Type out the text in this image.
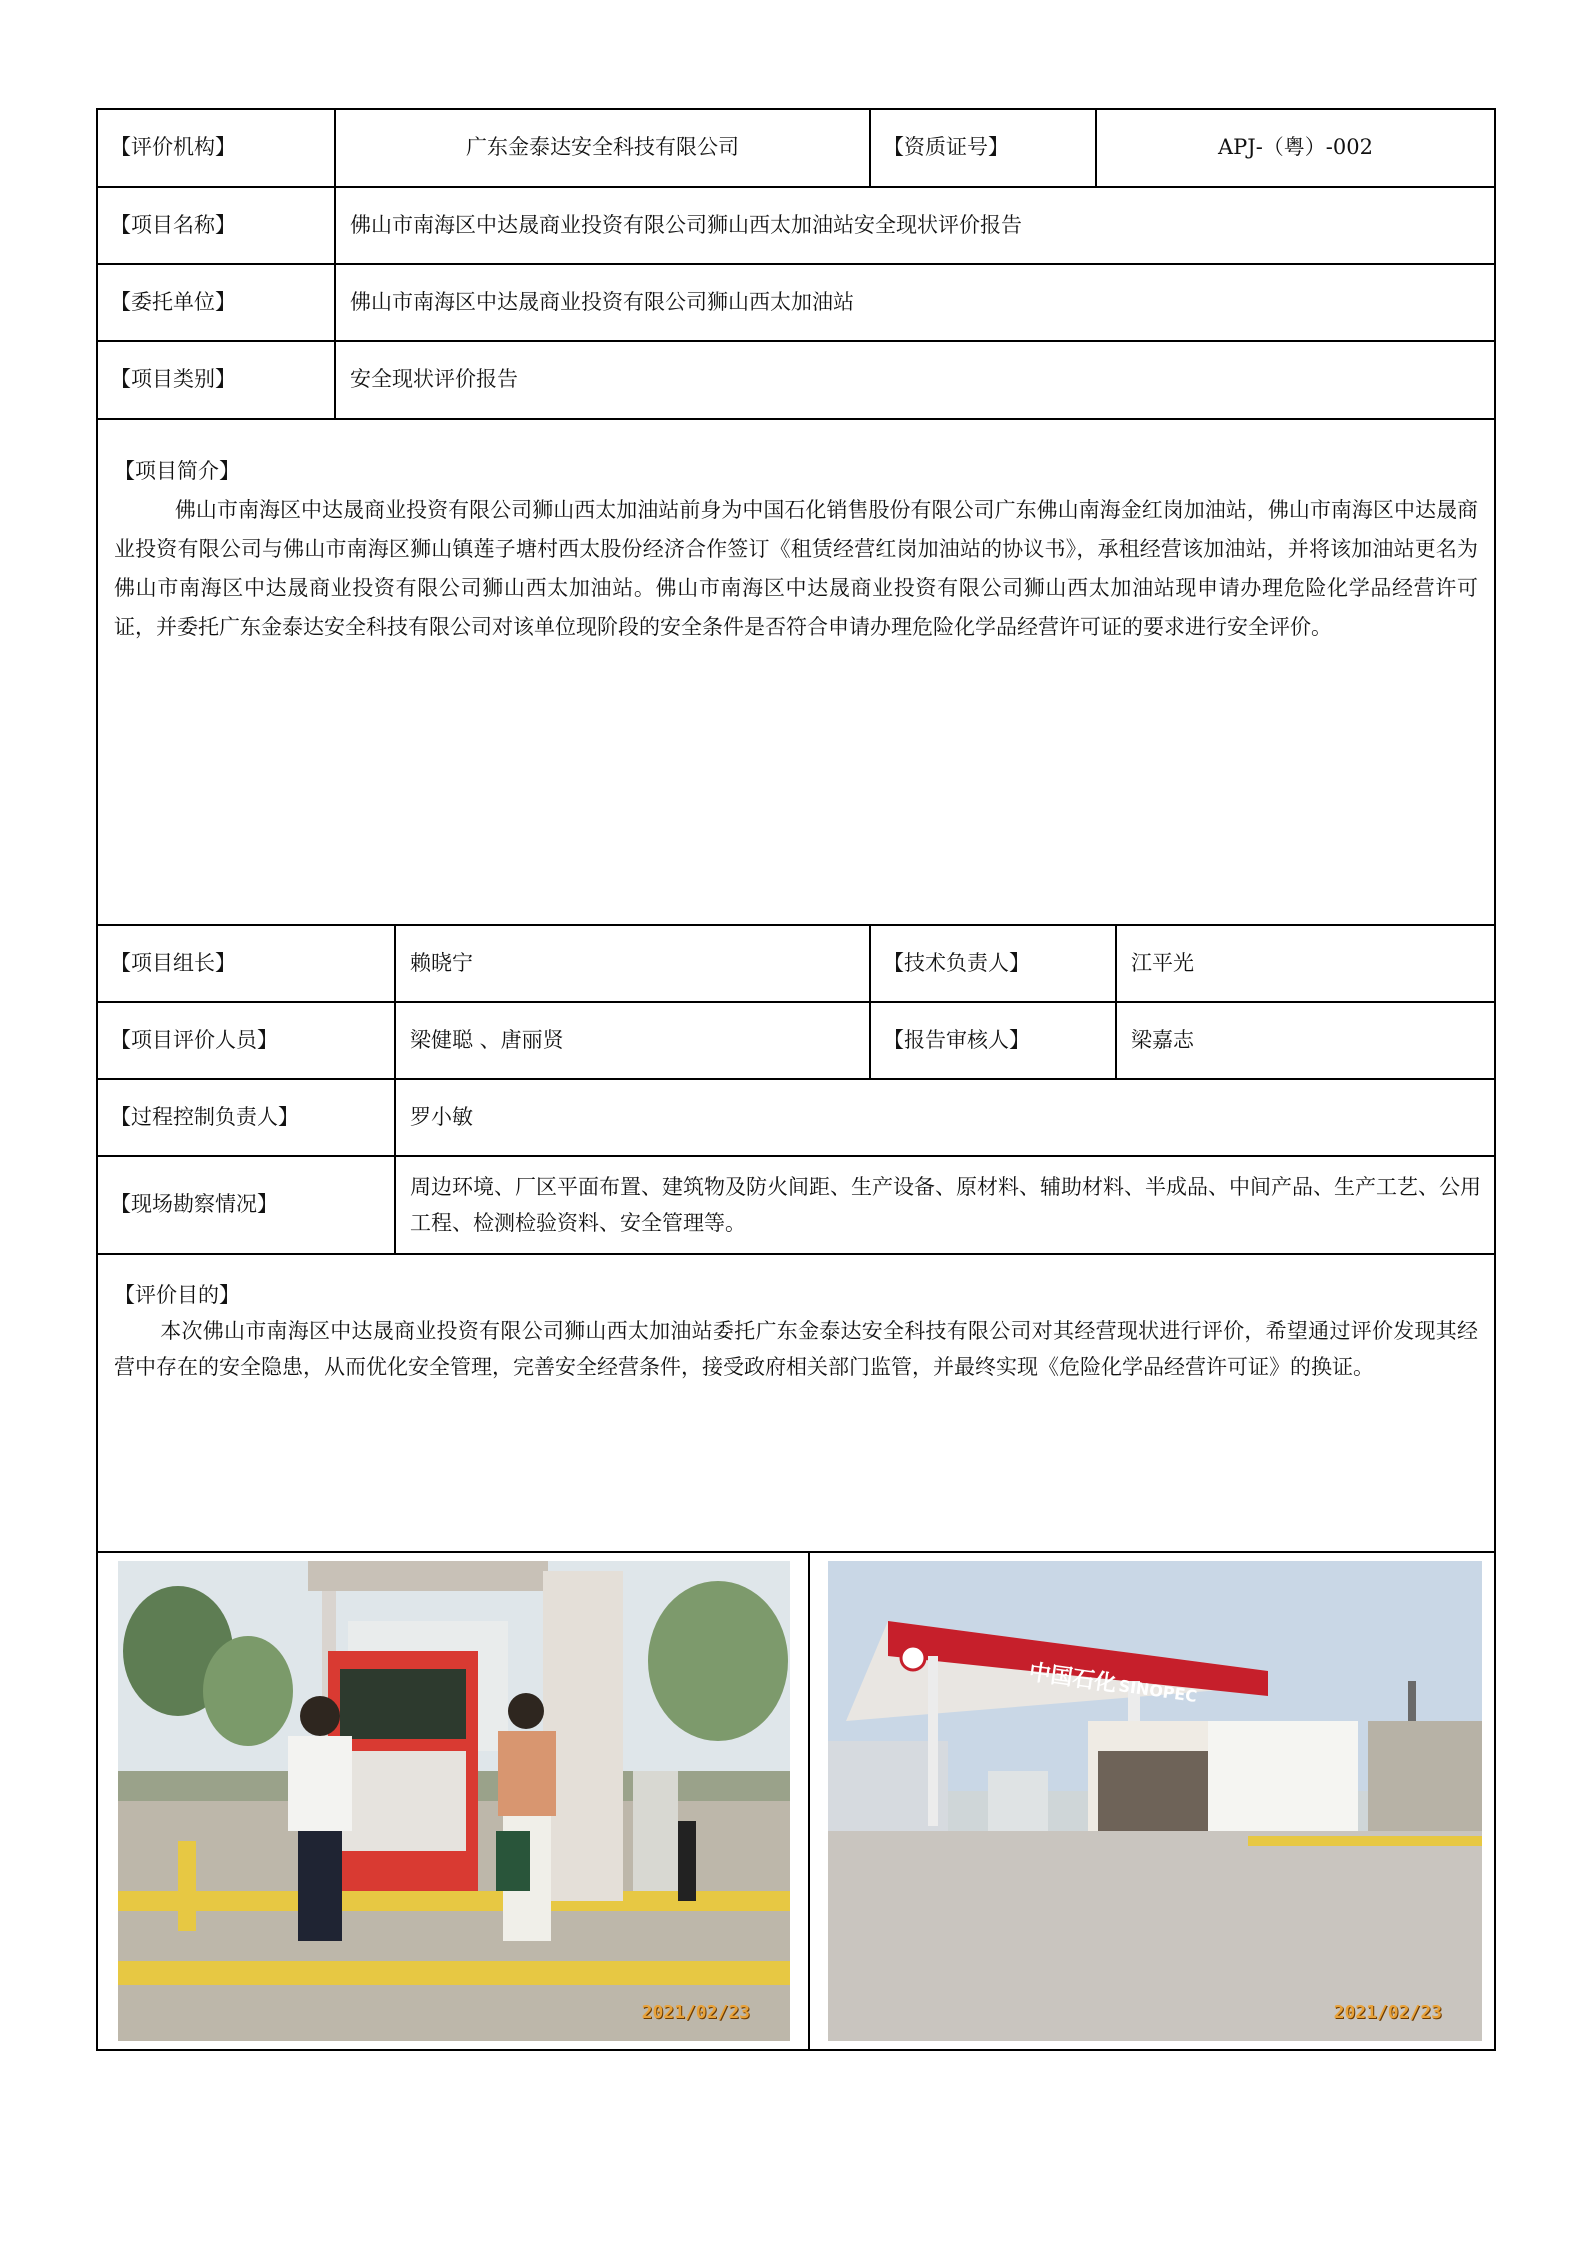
【评价机构】	广东金泰达安全科技有限公司	【资质证号】	APJ-（粤）-002
【项目名称】	佛山市南海区中达晟商业投资有限公司狮山西太加油站安全现状评价报告
【委托单位】	佛山市南海区中达晟商业投资有限公司狮山西太加油站
【项目类别】	安全现状评价报告
【项目简介】

佛山市南海区中达晟商业投资有限公司狮山西太加油站前身为中国石化销售股份有限公司广东佛山南海金红岗加油站，佛山市南海区中达晟商业投资有限公司与佛山市南海区狮山镇莲子塘村西太股份经济合作签订《租赁经营红岗加油站的协议书》，承租经营该加油站，并将该加油站更名为佛山市南海区中达晟商业投资有限公司狮山西太加油站。佛山市南海区中达晟商业投资有限公司狮山西太加油站现申请办理危险化学品经营许可证，并委托广东金泰达安全科技有限公司对该单位现阶段的安全条件是否符合申请办理危险化学品经营许可证的要求进行安全评价。

【项目组长】	赖晓宁	【技术负责人】	江平光
【项目评价人员】	梁健聪 、唐丽贤	【报告审核人】	梁嘉志
【过程控制负责人】	罗小敏
【现场勘察情况】
周边环境、厂区平面布置、建筑物及防火间距、生产设备、原材料、辅助材料、半成品、中间产品、生产工艺、公用工程、检测检验资料、安全管理等。
【评价目的】

本次佛山市南海区中达晟商业投资有限公司狮山西太加油站委托广东金泰达安全科技有限公司对其经营现状进行评价，希望通过评价发现其经营中存在的安全隐患，从而优化安全管理，完善安全经营条件，接受政府相关部门监管，并最终实现《危险化学品经营许可证》的换证。

2021/02/23
中国石化 SINOPEC
2021/02/23
